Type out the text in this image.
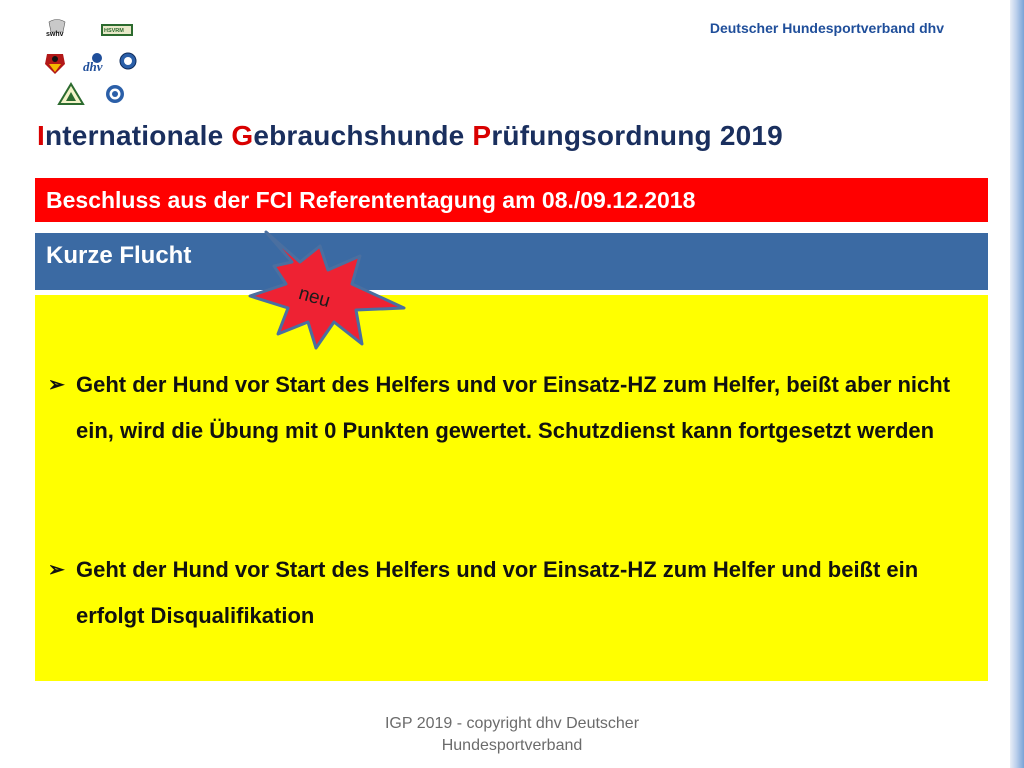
swhv	HSVRM
dhv
Deutscher Hundesportverband dhv
Internationale Gebrauchshunde Prüfungsordnung 2019
Beschluss aus der FCI Referententagung am 08./09.12.2018
Kurze Flucht
➢ Geht der Hund vor Start des Helfers und vor Einsatz-HZ zum Helfer, beißt aber nicht ein, wird die Übung mit 0 Punkten gewertet. Schutzdienst kann fortgesetzt werden
➢ Geht der Hund vor Start des Helfers und vor Einsatz-HZ zum Helfer und beißt ein erfolgt Disqualifikation
neu
IGP 2019 - copyright dhv Deutscher
Hundesportverband
